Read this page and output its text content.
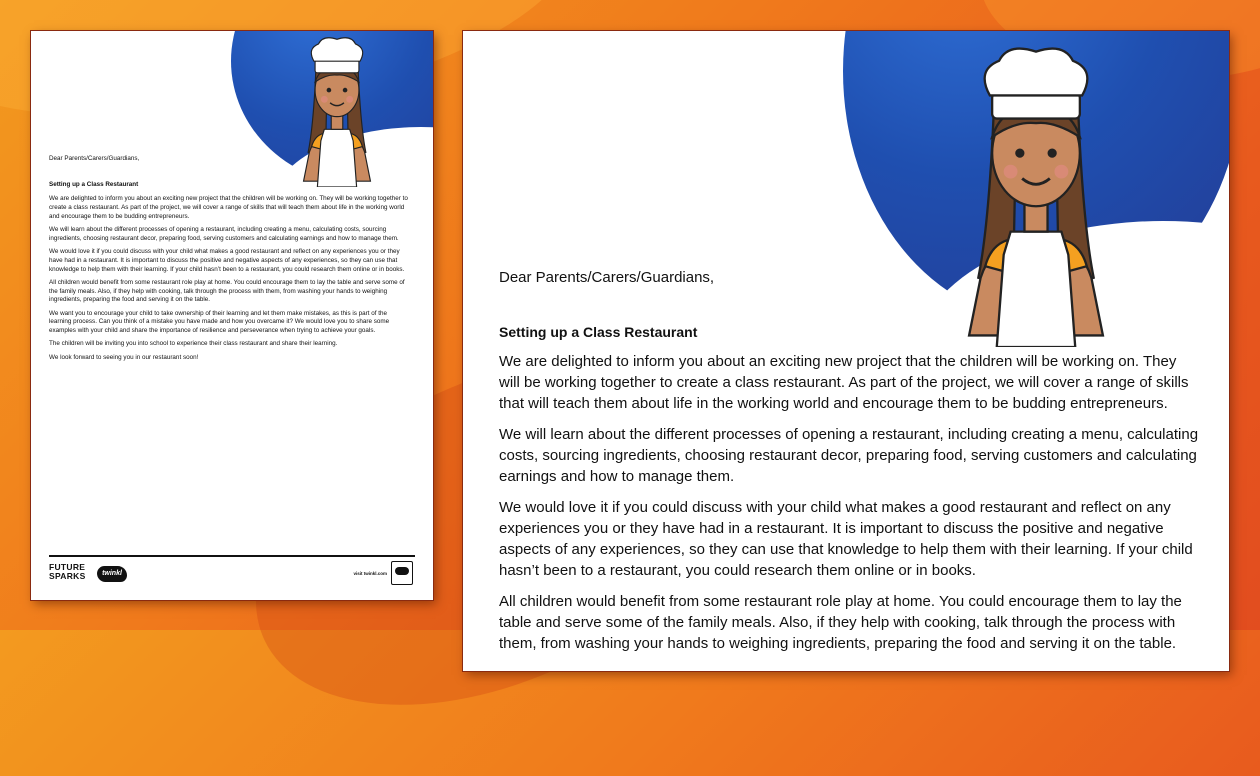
Dear Parents/Carers/Guardians,

Setting up a Class Restaurant

We are delighted to inform you about an exciting new project that the children will be working on. They will be working together to create a class restaurant. As part of the project, we will cover a range of skills that will teach them about life in the working world and encourage them to be budding entrepreneurs.

We will learn about the different processes of opening a restaurant, including creating a menu, calculating costs, sourcing ingredients, choosing restaurant decor, preparing food, serving customers and calculating earnings and how to manage them.

We would love it if you could discuss with your child what makes a good restaurant and reflect on any experiences you or they have had in a restaurant. It is important to discuss the positive and negative aspects of any experiences, so they can use that knowledge to help them with their learning. If your child hasn’t been to a restaurant, you could research them online or in books.

All children would benefit from some restaurant role play at home. You could encourage them to lay the table and serve some of the family meals. Also, if they help with cooking, talk through the process with them, from washing your hands to weighing ingredients, preparing the food and serving it on the table.

We want you to encourage your child to take ownership of their learning and let them make mistakes, as this is part of the learning process. Can you think of a mistake you have made and how you overcame it? We would love you to share some examples with your child and share the importance of resilience and perseverance when trying to achieve your goals.

The children will be inviting you into school to experience their class restaurant and share their learning.

We look forward to seeing you in our restaurant soon!

FUTURE
SPARKS	twinkl	visit twinkl.com

Dear Parents/Carers/Guardians,

Setting up a Class Restaurant

We are delighted to inform you about an exciting new project that the children will be working on. They will be working together to create a class restaurant. As part of the project, we will cover a range of skills that will teach them about life in the working world and encourage them to be budding entrepreneurs.

We will learn about the different processes of opening a restaurant, including creating a menu, calculating costs, sourcing ingredients, choosing restaurant decor, preparing food, serving customers and calculating earnings and how to manage them.

We would love it if you could discuss with your child what makes a good restaurant and reflect on any experiences you or they have had in a restaurant. It is important to discuss the positive and negative aspects of any experiences, so they can use that knowledge to help them with their learning. If your child hasn’t been to a restaurant, you could research them online or in books.

All children would benefit from some restaurant role play at home. You could encourage them to lay the table and serve some of the family meals. Also, if they help with cooking, talk through the process with them, from washing your hands to weighing ingredients, preparing the food and serving it on the table.
